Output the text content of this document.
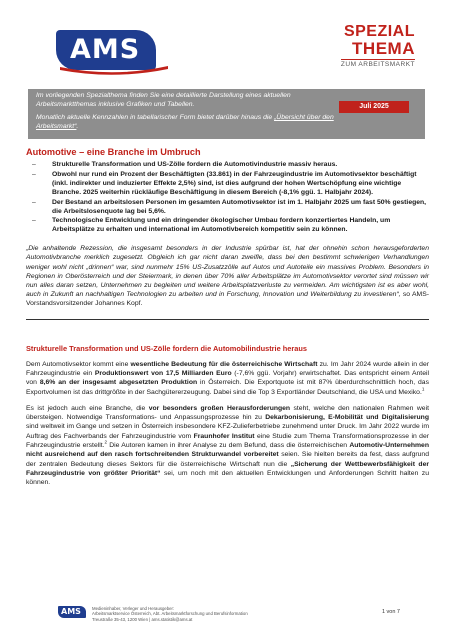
AMS
SPEZIAL
THEMA
ZUM ARBEITSMARKT

Im vorliegenden Spezialthema finden Sie eine detaillierte Darstellung eines aktuellen Arbeitsmarktthemas inklusive Grafiken und Tabellen.

Monatlich aktuelle Kennzahlen in tabellarischer Form bietet darüber hinaus die „Übersicht über den Arbeitsmarkt“.

Juli 2025
Automotive – eine Branche im Umbruch
– Strukturelle Transformation und US-Zölle fordern die Automotivindustrie massiv heraus.
– Obwohl nur rund ein Prozent der Beschäftigten (33.861) in der Fahrzeugindustrie im Automotivsektor beschäftigt (inkl. indirekter und induzierter Effekte 2,5%) sind, ist dies aufgrund der hohen Wertschöpfung eine wichtige Branche. 2025 weiterhin rückläufige Beschäftigung in diesem Bereich (-8,1% ggü. 1. Halbjahr 2024).
– Der Bestand an arbeitslosen Personen im gesamten Automotivsektor ist im 1. Halbjahr 2025 um fast 50% gestiegen, die Arbeitslosenquote lag bei 5,6%.
– Technologische Entwicklung und ein dringender ökologischer Umbau fordern konzertiertes Handeln, um Arbeitsplätze zu erhalten und international im Automotivbereich kompetitiv sein zu können.
„Die anhaltende Rezession, die insgesamt besonders in der Industrie spürbar ist, hat der ohnehin schon herausgeforderten Automotivbranche merklich zugesetzt. Obgleich ich gar nicht daran zweifle, dass bei den bestimmt schwierigen Verhandlungen weniger wohl nicht „drinnen“ war, sind nunmehr 15% US-Zusatzzölle auf Autos und Autoteile ein massives Problem. Besonders in Regionen in Oberösterreich und der Steiermark, in denen über 70% aller Arbeitsplätze im Automotivsektor verortet sind müssen wir nun alles daran setzen, Unternehmen zu begleiten und weitere Arbeitsplatzverluste zu vermeiden. Am wichtigsten ist es aber wohl, auch in Zukunft an nachhaltigen Technologien zu arbeiten und in Forschung, Innovation und Weiterbildung zu investieren“, so AMS-Vorstandsvorsitzender Johannes Kopf.
Strukturelle Transformation und US-Zölle fordern die Automobilindustrie heraus

Dem Automotivsektor kommt eine wesentliche Bedeutung für die österreichische Wirtschaft zu. Im Jahr 2024 wurde allein in der Fahrzeugindustrie ein Produktionswert von 17,5 Milliarden Euro (-7,6% ggü. Vorjahr) erwirtschaftet. Das entspricht einem Anteil von 8,6% an der insgesamt abgesetzten Produktion in Österreich. Die Exportquote ist mit 87% überdurchschnittlich hoch, das Exportvolumen ist das drittgrößte in der Sachgütererzeugung. Dabei sind die Top 3 Exportländer Deutschland, die USA und Mexiko.$^1$

Es ist jedoch auch eine Branche, die vor besonders großen Herausforderungen steht, welche den nationalen Rahmen weit übersteigen. Notwendige Transformations- und Anpassungsprozesse hin zu Dekarbonisierung, E-Mobilität und Digitalisierung sind weltweit im Gange und setzen in Österreich insbesondere KFZ-Zulieferbetriebe zunehmend unter Druck. Im Jahr 2022 wurde im Auftrag des Fachverbands der Fahrzeugindustrie vom Fraunhofer Institut eine Studie zum Thema Transformationsprozesse in der Fahrzeugindustrie erstellt.$^2$ Die Autoren kamen in ihrer Analyse zu dem Befund, dass die österreichischen Automotiv-Unternehmen nicht ausreichend auf den rasch fortschreitenden Strukturwandel vorbereitet seien. Sie hielten bereits da fest, dass aufgrund der zentralen Bedeutung dieses Sektors für die österreichische Wirtschaft nun die „Sicherung der Wettbewerbsfähigkeit der Fahrzeugindustrie von größter Priorität“ sei, um noch mit den aktuellen Entwicklungen und Anforderungen Schritt halten zu können.

AMS	Medieninhaber, Verleger und Herausgeber:
Arbeitsmarktservice Österreich, Abt. Arbeitsmarktforschung und Berufsinformation
Treustraße 35-43, 1200 Wien | ams.statistik@ams.at
1 von 7
